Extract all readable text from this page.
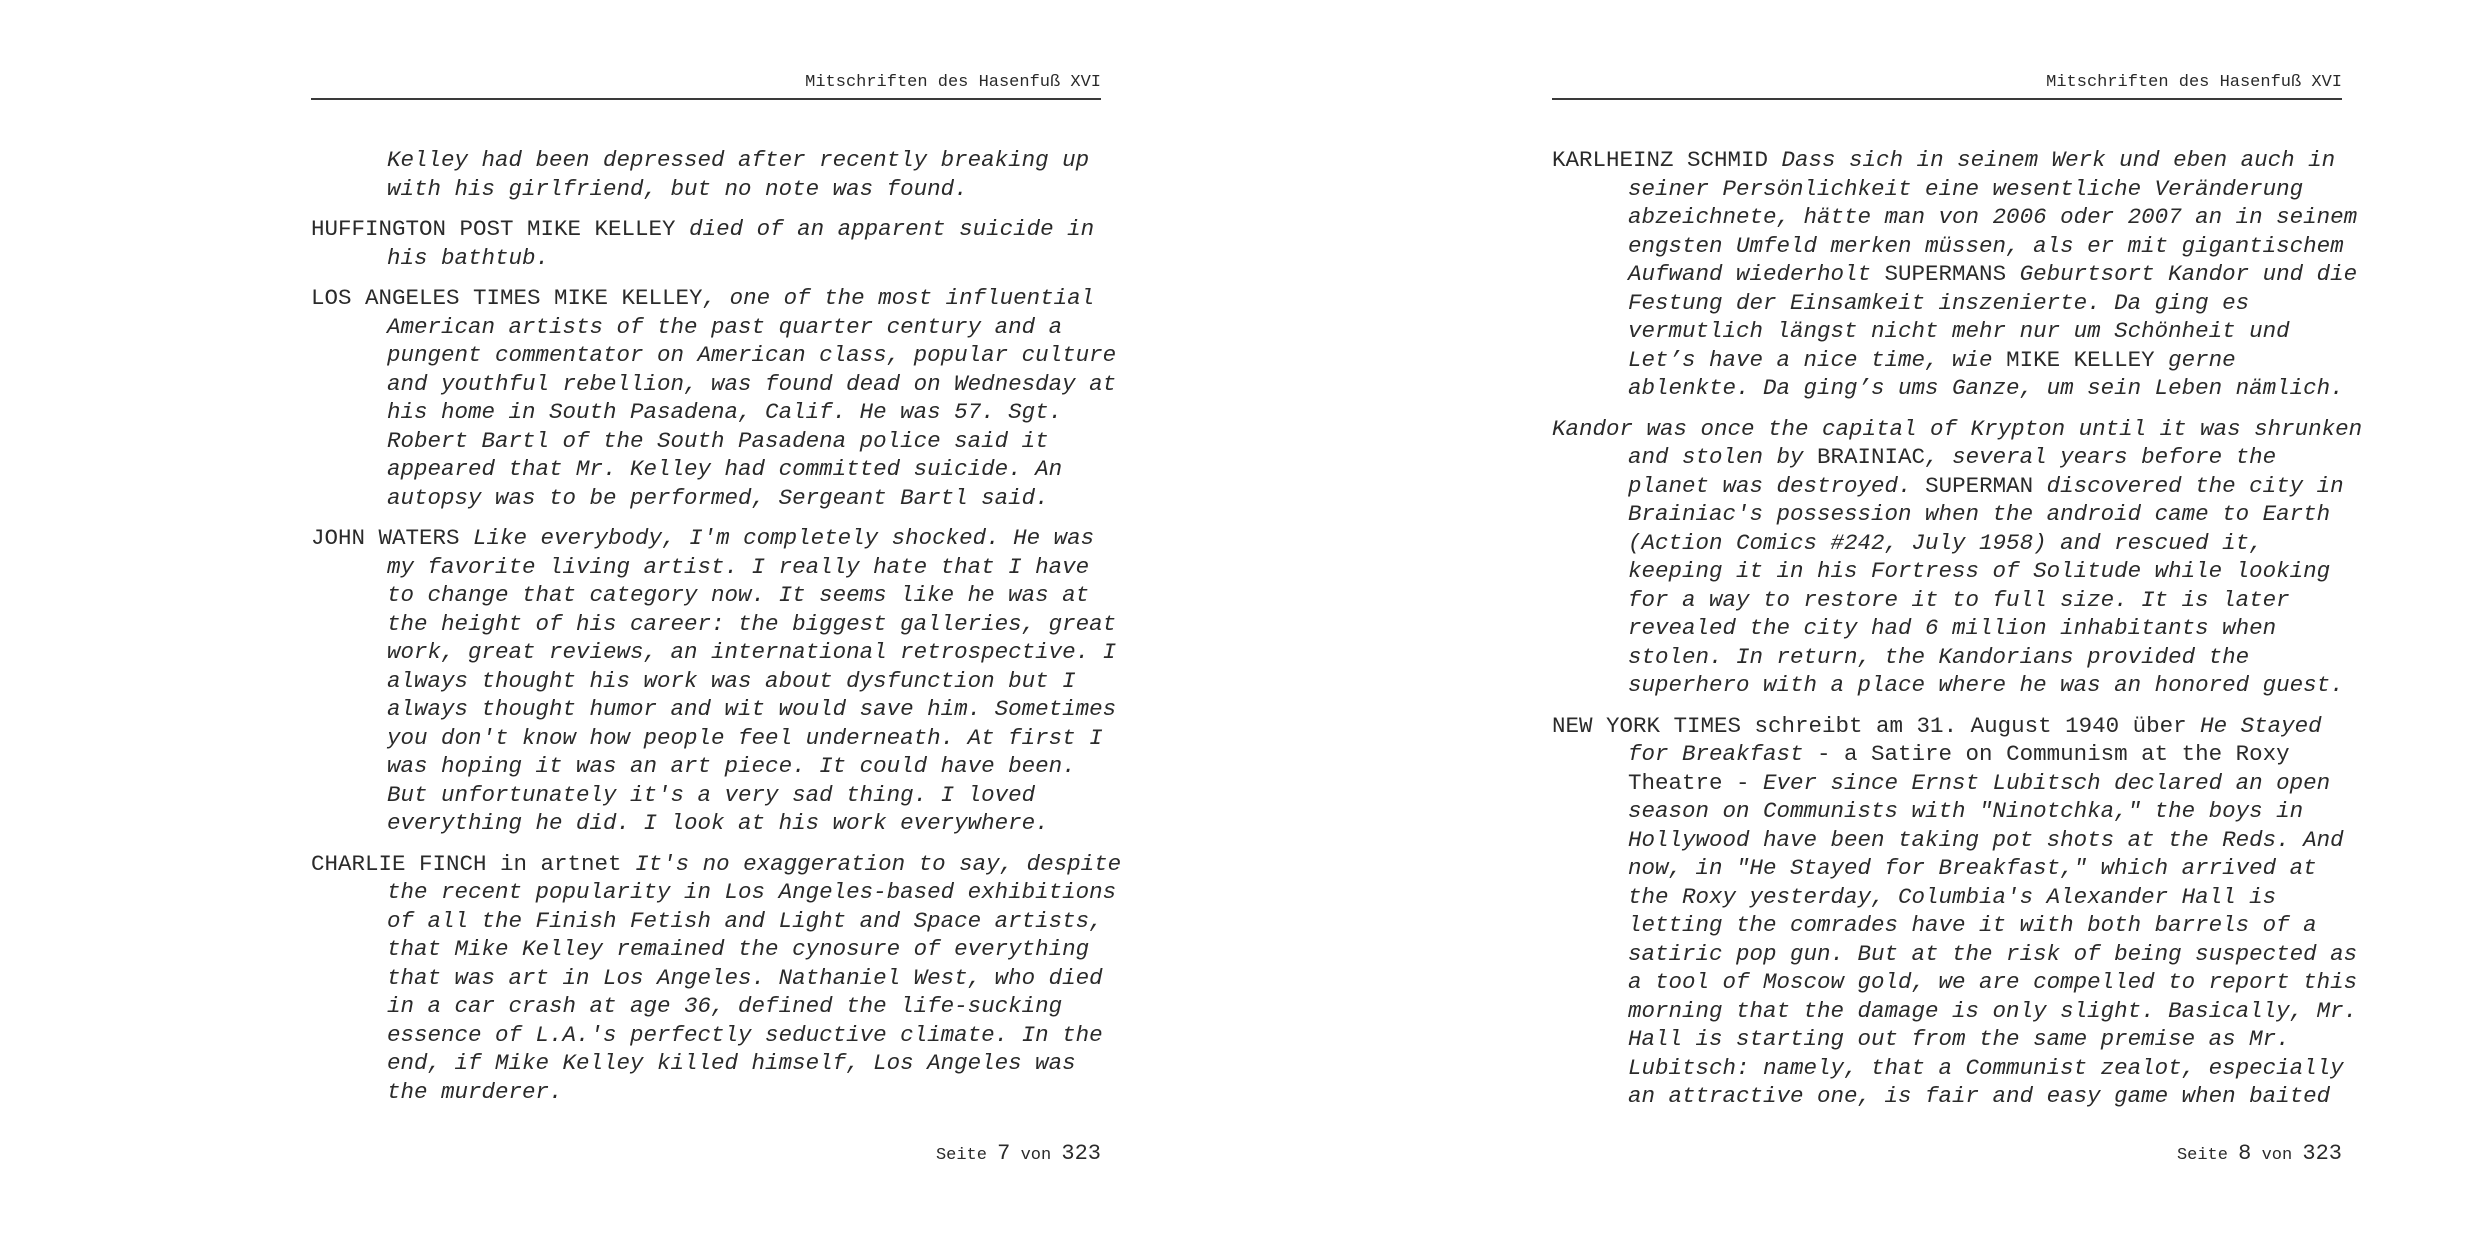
Mitschriften des Hasenfuß XVI
Kelley had been depressed after recently breaking up
with his girlfriend, but no note was found.
HUFFINGTON POST MIKE KELLEY died of an apparent suicide in
his bathtub.
LOS ANGELES TIMES MIKE KELLEY, one of the most influential
American artists of the past quarter century and a
pungent commentator on American class, popular culture
and youthful rebellion, was found dead on Wednesday at
his home in South Pasadena, Calif. He was 57. Sgt.
Robert Bartl of the South Pasadena police said it
appeared that Mr. Kelley had committed suicide. An
autopsy was to be performed, Sergeant Bartl said.
JOHN WATERS Like everybody, I'm completely shocked. He was
my favorite living artist. I really hate that I have
to change that category now. It seems like he was at
the height of his career: the biggest galleries, great
work, great reviews, an international retrospective. I
always thought his work was about dysfunction but I
always thought humor and wit would save him. Sometimes
you don't know how people feel underneath. At first I
was hoping it was an art piece. It could have been.
But unfortunately it's a very sad thing. I loved
everything he did. I look at his work everywhere.
CHARLIE FINCH in artnet It's no exaggeration to say, despite
the recent popularity in Los Angeles-based exhibitions
of all the Finish Fetish and Light and Space artists,
that Mike Kelley remained the cynosure of everything
that was art in Los Angeles. Nathaniel West, who died
in a car crash at age 36, defined the life-sucking
essence of L.A.'s perfectly seductive climate. In the
end, if Mike Kelley killed himself, Los Angeles was
the murderer.
Seite 7 von 323
Mitschriften des Hasenfuß XVI
KARLHEINZ SCHMID Dass sich in seinem Werk und eben auch in
seiner Persönlichkeit eine wesentliche Veränderung
abzeichnete, hätte man von 2006 oder 2007 an in seinem
engsten Umfeld merken müssen, als er mit gigantischem
Aufwand wiederholt SUPERMANS Geburtsort Kandor und die
Festung der Einsamkeit inszenierte. Da ging es
vermutlich längst nicht mehr nur um Schönheit und
Let’s have a nice time, wie MIKE KELLEY gerne
ablenkte. Da ging’s ums Ganze, um sein Leben nämlich.
Kandor was once the capital of Krypton until it was shrunken
and stolen by BRAINIAC, several years before the
planet was destroyed. SUPERMAN discovered the city in
Brainiac's possession when the android came to Earth
(Action Comics #242, July 1958) and rescued it,
keeping it in his Fortress of Solitude while looking
for a way to restore it to full size. It is later
revealed the city had 6 million inhabitants when
stolen. In return, the Kandorians provided the
superhero with a place where he was an honored guest.
NEW YORK TIMES schreibt am 31. August 1940 über He Stayed
for Breakfast - a Satire on Communism at the Roxy
Theatre - Ever since Ernst Lubitsch declared an open
season on Communists with "Ninotchka," the boys in
Hollywood have been taking pot shots at the Reds. And
now, in "He Stayed for Breakfast," which arrived at
the Roxy yesterday, Columbia's Alexander Hall is
letting the comrades have it with both barrels of a
satiric pop gun. But at the risk of being suspected as
a tool of Moscow gold, we are compelled to report this
morning that the damage is only slight. Basically, Mr.
Hall is starting out from the same premise as Mr.
Lubitsch: namely, that a Communist zealot, especially
an attractive one, is fair and easy game when baited
Seite 8 von 323
